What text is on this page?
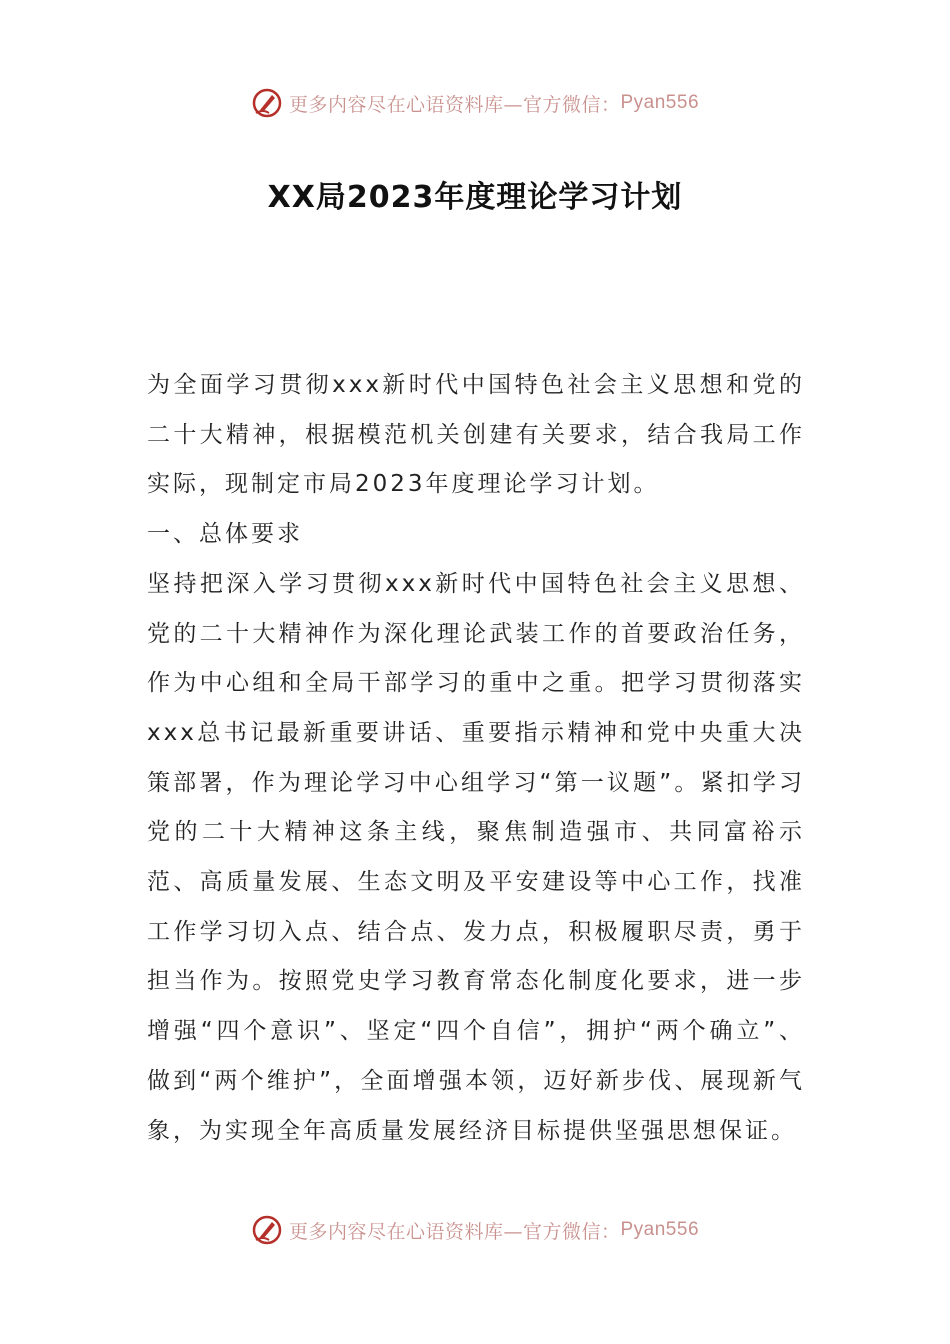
更多内容尽在心语资料库—官方微信： Pyan556
XX局2023年度理论学习计划

为全面学习贯彻xxx新时代中国特色社会主义思想和党的二十大精神，根据模范机关创建有关要求，结合我局工作实际，现制定市局2023年度理论学习计划。

一、总体要求

坚持把深入学习贯彻xxx新时代中国特色社会主义思想、党的二十大精神作为深化理论武装工作的首要政治任务，作为中心组和全局干部学习的重中之重。把学习贯彻落实xxx总书记最新重要讲话、重要指示精神和党中央重大决策部署，作为理论学习中心组学习“第一议题”。紧扣学习党的二十大精神这条主线，聚焦制造强市、共同富裕示范、高质量发展、生态文明及平安建设等中心工作，找准工作学习切入点、结合点、发力点，积极履职尽责，勇于担当作为。按照党史学习教育常态化制度化要求，进一步增强“四个意识”、坚定“四个自信”，拥护“两个确立”、做到“两个维护”，全面增强本领，迈好新步伐、展现新气象，为实现全年高质量发展经济目标提供坚强思想保证。

更多内容尽在心语资料库—官方微信： Pyan556
